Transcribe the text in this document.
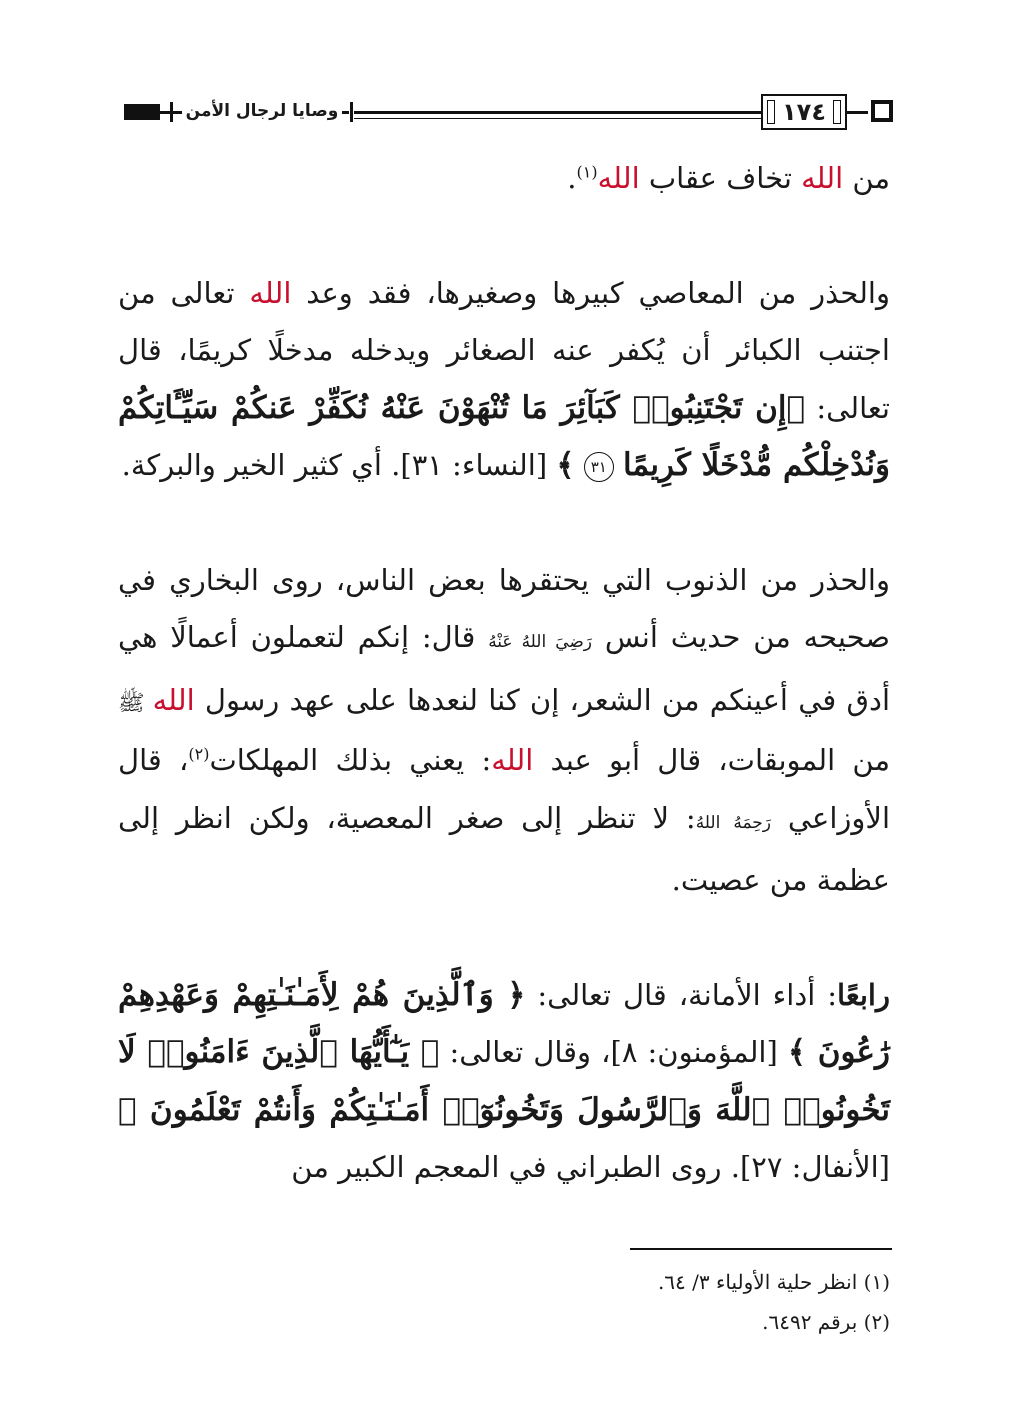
وصايا لرجال الأمن	١٧٤

من الله تخاف عقاب الله$^{(١)}$.

والحذر من المعاصي كبيرها وصغيرها، فقد وعد الله تعالى من اجتنب الكبائر أن يُكفر عنه الصغائر ويدخله مدخلًا كريمًا، قال تعالى: ﴿إِن تَجْتَنِبُوا۟ كَبَآئِرَ مَا تُنْهَوْنَ عَنْهُ نُكَفِّرْ عَنكُمْ سَيِّـَٔاتِكُمْ وَنُدْخِلْكُم مُّدْخَلًا كَرِيمًا ٣١ ﴾ [النساء: ٣١]. أي كثير الخير والبركة.

والحذر من الذنوب التي يحتقرها بعض الناس، روى البخاري في صحيحه من حديث أنس رَضِيَ اللهُ عَنْهُ قال: إنكم لتعملون أعمالًا هي أدق في أعينكم من الشعر، إن كنا لنعدها على عهد رسول الله ﷺ من الموبقات، قال أبو عبد الله: يعني بذلك المهلكات$^{(٢)}$، قال الأوزاعي رَحِمَهُ اللهُ: لا تنظر إلى صغر المعصية، ولكن انظر إلى عظمة من عصيت.

رابعًا: أداء الأمانة، قال تعالى: ﴿ وَٱلَّذِينَ هُمْ لِأَمَـٰنَـٰتِهِمْ وَعَهْدِهِمْ رَٰعُونَ ﴾ [المؤمنون: ٨]، وقال تعالى: ﴿ يَـٰٓأَيُّهَا ٱلَّذِينَ ءَامَنُوا۟ لَا تَخُونُوا۟ ٱللَّهَ وَٱلرَّسُولَ وَتَخُونُوٓا۟ أَمَـٰنَـٰتِكُمْ وَأَنتُمْ تَعْلَمُونَ ﴾ [الأنفال: ٢٧]. روى الطبراني في المعجم الكبير من

(١) انظر حلية الأولياء ٣/ ٦٤.

(٢) برقم ٦٤٩٢.
